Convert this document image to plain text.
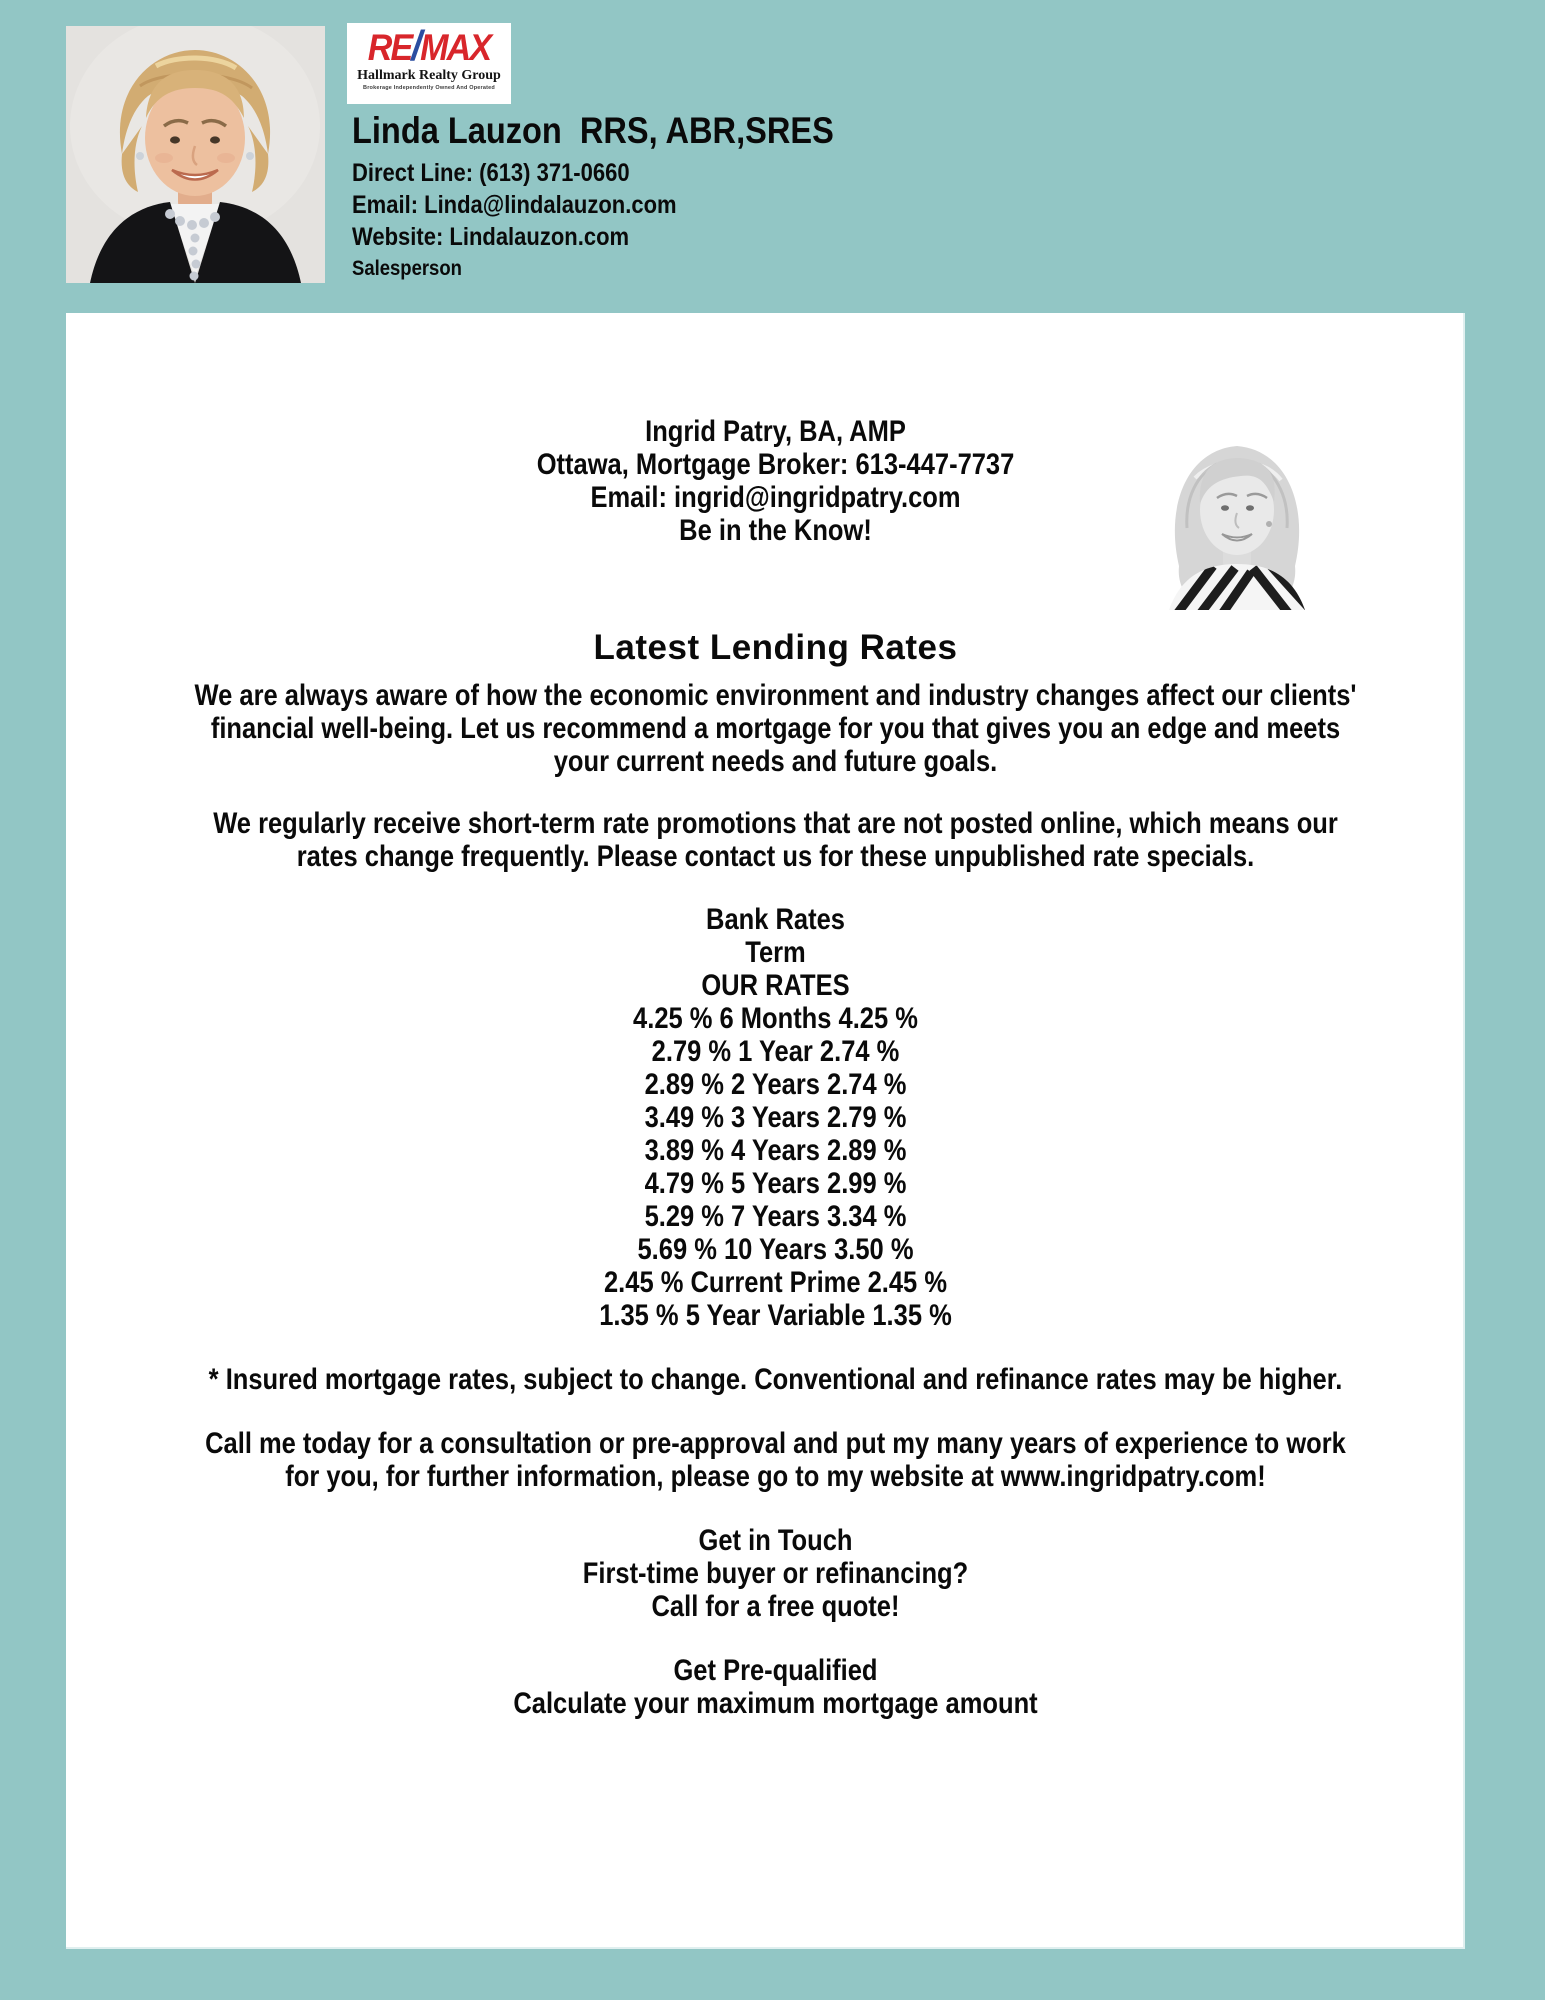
RE/MAX
Hallmark Realty Group
Brokerage Independently Owned And Operated
Linda Lauzon  RRS, ABR,SRES
Direct Line: (613) 371-0660
Email: Linda@lindalauzon.com
Website: Lindalauzon.com
Salesperson
Ingrid Patry, BA, AMP
Ottawa, Mortgage Broker: 613-447-7737
Email: ingrid@ingridpatry.com
Be in the Know!
Latest Lending Rates
We are always aware of how the economic environment and industry changes affect our clients'
financial well-being. Let us recommend a mortgage for you that gives you an edge and meets
your current needs and future goals.
We regularly receive short-term rate promotions that are not posted online, which means our
rates change frequently. Please contact us for these unpublished rate specials.
Bank Rates
Term
OUR RATES
4.25 % 6 Months 4.25 %
2.79 % 1 Year 2.74 %
2.89 % 2 Years 2.74 %
3.49 % 3 Years 2.79 %
3.89 % 4 Years 2.89 %
4.79 % 5 Years 2.99 %
5.29 % 7 Years 3.34 %
5.69 % 10 Years 3.50 %
2.45 % Current Prime 2.45 %
1.35 % 5 Year Variable 1.35 %
* Insured mortgage rates, subject to change. Conventional and refinance rates may be higher.
Call me today for a consultation or pre-approval and put my many years of experience to work
for you, for further information, please go to my website at www.ingridpatry.com!
Get in Touch
First-time buyer or refinancing?
Call for a free quote!
Get Pre-qualified
Calculate your maximum mortgage amount
